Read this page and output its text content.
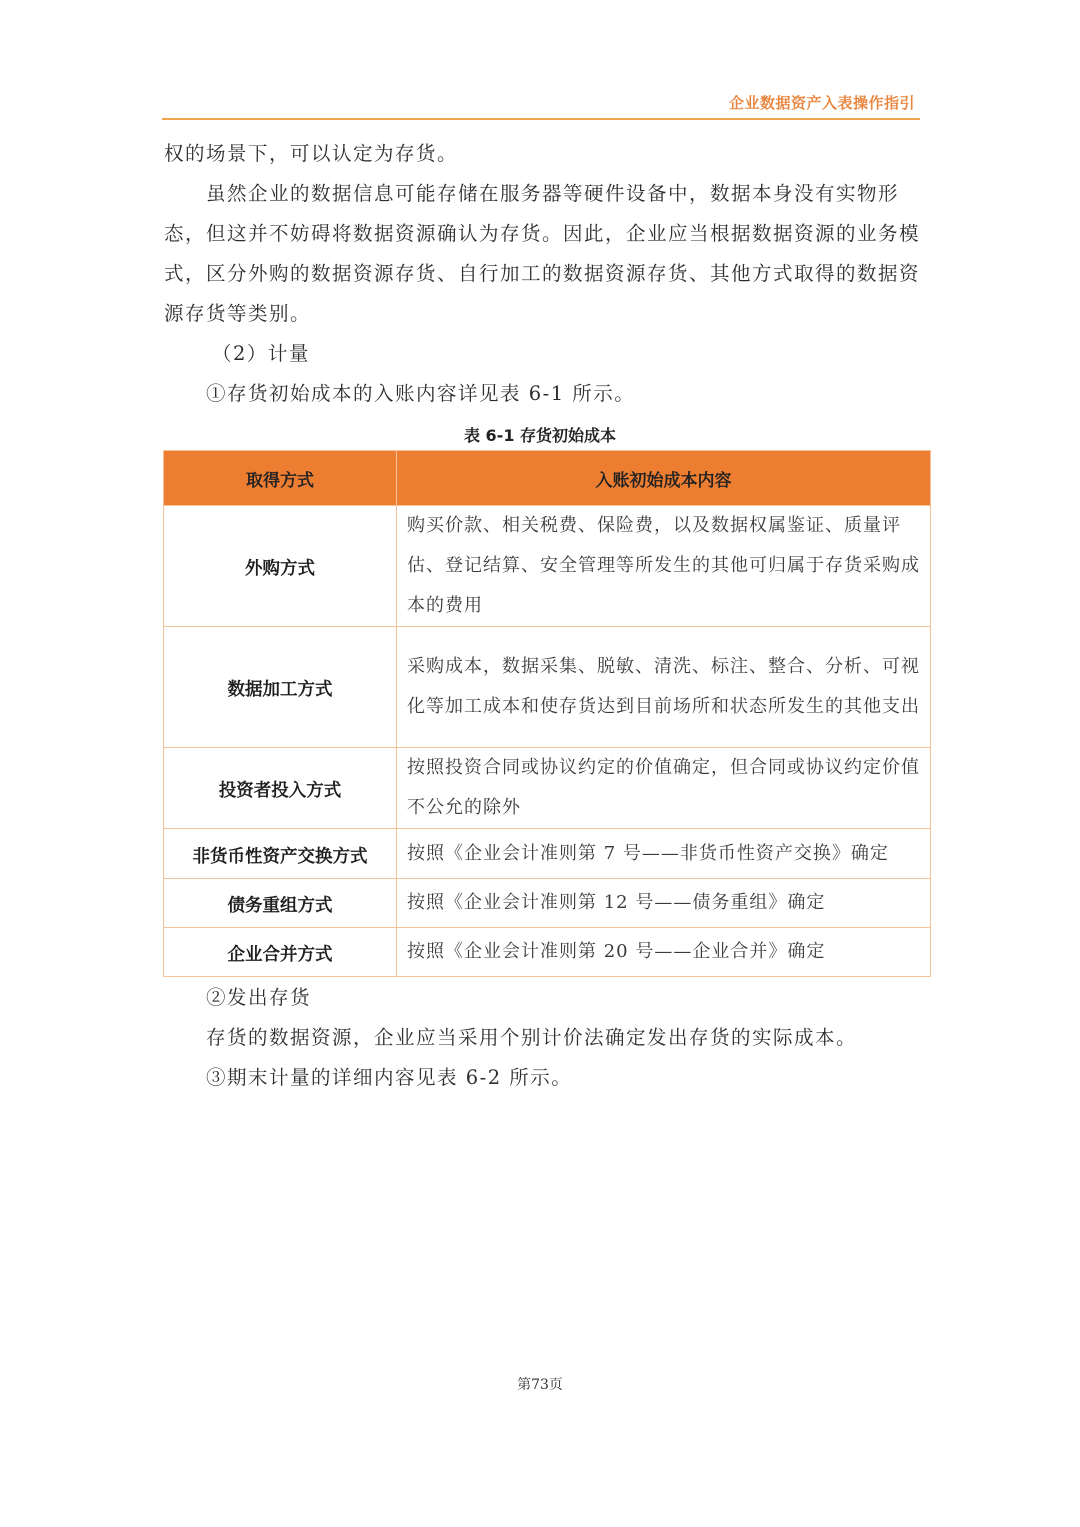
企业数据资产入表操作指引

权的场景下，可以认定为存货。

虽然企业的数据信息可能存储在服务器等硬件设备中，数据本身没有实物形态，但这并不妨碍将数据资源确认为存货。因此，企业应当根据数据资源的业务模式，区分外购的数据资源存货、自行加工的数据资源存货、其他方式取得的数据资源存货等类别。

（2）计量

①存货初始成本的入账内容详见表 6-1 所示。

表 6-1 存货初始成本
取得方式	入账初始成本内容
外购方式	购买价款、相关税费、保险费，以及数据权属鉴证、质量评估、登记结算、安全管理等所发生的其他可归属于存货采购成本的费用
数据加工方式	采购成本，数据采集、脱敏、清洗、标注、整合、分析、可视化等加工成本和使存货达到目前场所和状态所发生的其他支出
投资者投入方式	按照投资合同或协议约定的价值确定，但合同或协议约定价值不公允的除外
非货币性资产交换方式	按照《企业会计准则第 7 号——非货币性资产交换》确定
债务重组方式	按照《企业会计准则第 12 号——债务重组》确定
企业合并方式	按照《企业会计准则第 20 号——企业合并》确定

②发出存货

存货的数据资源，企业应当采用个别计价法确定发出存货的实际成本。

③期末计量的详细内容见表 6-2 所示。

第73页
